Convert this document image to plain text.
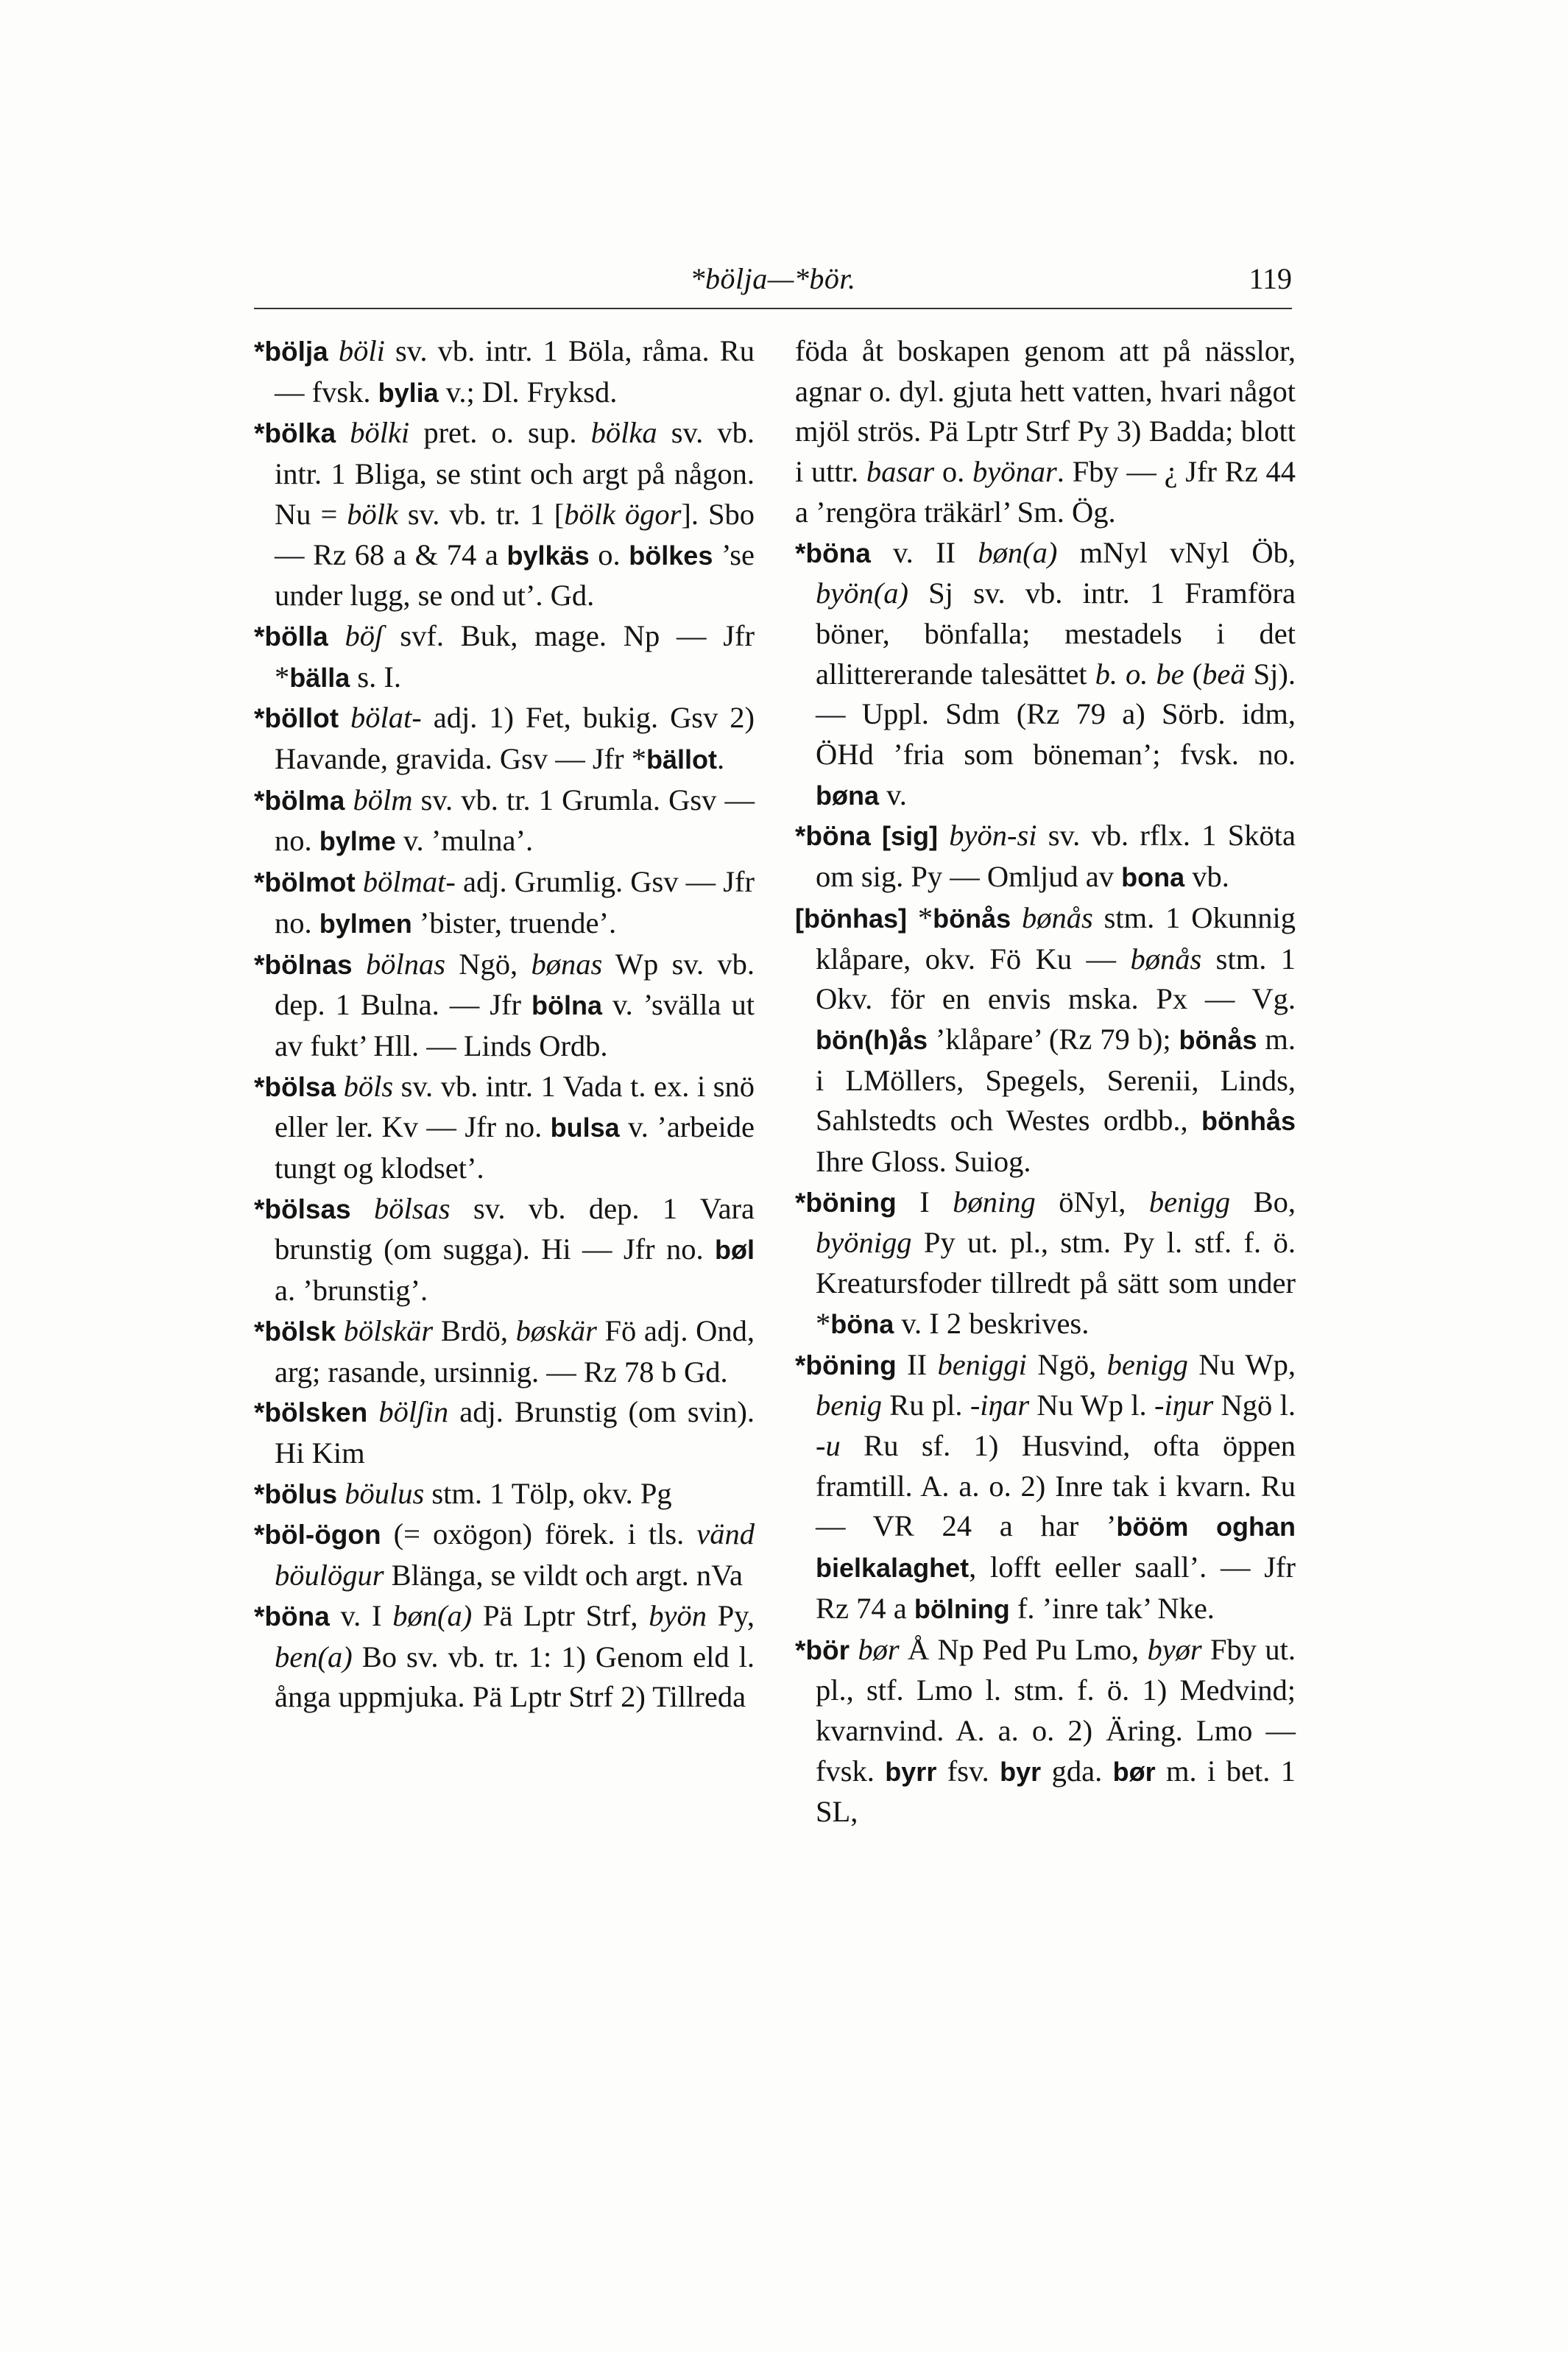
*bölja—*bör.	119

*bölja böli sv. vb. intr. 1 Böla, råma. Ru — fvsk. bylia v.; Dl. Fryksd.

*bölka bölki pret. o. sup. bölka sv. vb. intr. 1 Bliga, se stint och argt på någon. Nu = bölk sv. vb. tr. 1 [bölk ögor]. Sbo — Rz 68 a & 74 a bylkäs o. bölkes ’se under lugg, se ond ut’. Gd.

*bölla böʃ svf. Buk, mage. Np — Jfr *bälla s. I.

*böllot bölat- adj. 1) Fet, bukig. Gsv 2) Havande, gravida. Gsv — Jfr *bällot.

*bölma bölm sv. vb. tr. 1 Grumla. Gsv — no. bylme v. ’mulna’.

*bölmot bölmat- adj. Grumlig. Gsv — Jfr no. bylmen ’bister, truende’.

*bölnas bölnas Ngö, bønas Wp sv. vb. dep. 1 Bulna. — Jfr bölna v. ’svälla ut av fukt’ Hll. — Linds Ordb.

*bölsa böls sv. vb. intr. 1 Vada t. ex. i snö eller ler. Kv — Jfr no. bulsa v. ’arbeide tungt og klodset’.

*bölsas bölsas sv. vb. dep. 1 Vara brunstig (om sugga). Hi — Jfr no. bøl a. ’brunstig’.

*bölsk bölskär Brdö, bøskär Fö adj. Ond, arg; rasande, ursinnig. — Rz 78 b Gd.

*bölsken bölʃin adj. Brunstig (om svin). Hi Kim

*bölus böulus stm. 1 Tölp, okv. Pg

*böl-ögon (= oxögon) förek. i tls. vänd böulögur Blänga, se vildt och argt. nVa

*böna v. I bøn(a) Pä Lptr Strf, byön Py, ben(a) Bo sv. vb. tr. 1: 1) Genom eld l. ånga uppmjuka. Pä Lptr Strf 2) Tillreda

föda åt boskapen genom att på nässlor, agnar o. dyl. gjuta hett vatten, hvari något mjöl strös. Pä Lptr Strf Py 3) Badda; blott i uttr. basar o. byönar. Fby — ¿ Jfr Rz 44 a ’rengöra träkärl’ Sm. Ög.

*böna v. II bøn(a) mNyl vNyl Öb, byön(a) Sj sv. vb. intr. 1 Framföra böner, bönfalla; mestadels i det allittererande talesättet b. o. be (beä Sj). — Uppl. Sdm (Rz 79 a) Sörb. idm, ÖHd ’fria som böneman’; fvsk. no. bøna v.

*böna [sig] byön-si sv. vb. rflx. 1 Sköta om sig. Py — Omljud av bona vb.

[bönhas] *bönås bønås stm. 1 Okunnig klåpare, okv. Fö Ku — bønås stm. 1 Okv. för en envis mska. Px — Vg. bön(h)ås ’klåpare’ (Rz 79 b); bönås m. i LMöllers, Spegels, Serenii, Linds, Sahlstedts och Westes ordbb., bönhås Ihre Gloss. Suiog.

*böning I bøning öNyl, benigg Bo, byönigg Py ut. pl., stm. Py l. stf. f. ö. Kreatursfoder tillredt på sätt som under *böna v. I 2 beskrives.

*böning II beniggi Ngö, benigg Nu Wp, benig Ru pl. -iŋar Nu Wp l. -iŋur Ngö l. -u Ru sf. 1) Husvind, ofta öppen framtill. A. a. o. 2) Inre tak i kvarn. Ru — VR 24 a har ’bööm oghan bielkalaghet, lofft eeller saall’. — Jfr Rz 74 a bölning f. ’inre tak’ Nke.

*bör bør Å Np Ped Pu Lmo, byør Fby ut. pl., stf. Lmo l. stm. f. ö. 1) Medvind; kvarnvind. A. a. o. 2) Äring. Lmo — fvsk. byrr fsv. byr gda. bør m. i bet. 1 SL,
